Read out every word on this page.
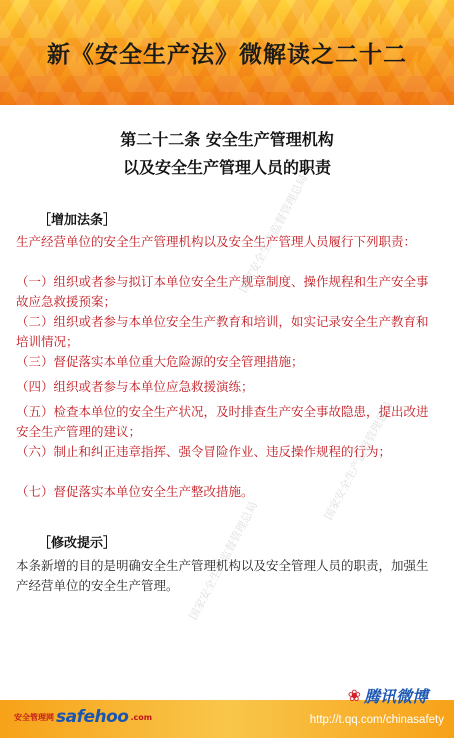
新《安全生产法》微解读之二十二
第二十二条 安全生产管理机构
以及安全生产管理人员的职责
［增加法条］
生产经营单位的安全生产管理机构以及安全生产管理人员履行下列职责：
（一）组织或者参与拟订本单位安全生产规章制度、操作规程和生产安全事故应急救援预案；
（二）组织或者参与本单位安全生产教育和培训，如实记录安全生产教育和培训情况；
（三）督促落实本单位重大危险源的安全管理措施；
（四）组织或者参与本单位应急救援演练；
（五）检查本单位的安全生产状况，及时排查生产安全事故隐患，提出改进安全生产管理的建议；
（六）制止和纠正违章指挥、强令冒险作业、违反操作规程的行为；
（七）督促落实本单位安全生产整改措施。
［修改提示］
本条新增的目的是明确安全生产管理机构以及安全管理人员的职责，加强生产经营单位的安全生产管理。
国家安全生产监督管理总局
国家安全生产监督管理总局
国家安全生产监督管理总局
安全管理网 safehoo .com
❀ 腾讯微博
http://t.qq.com/chinasafety
